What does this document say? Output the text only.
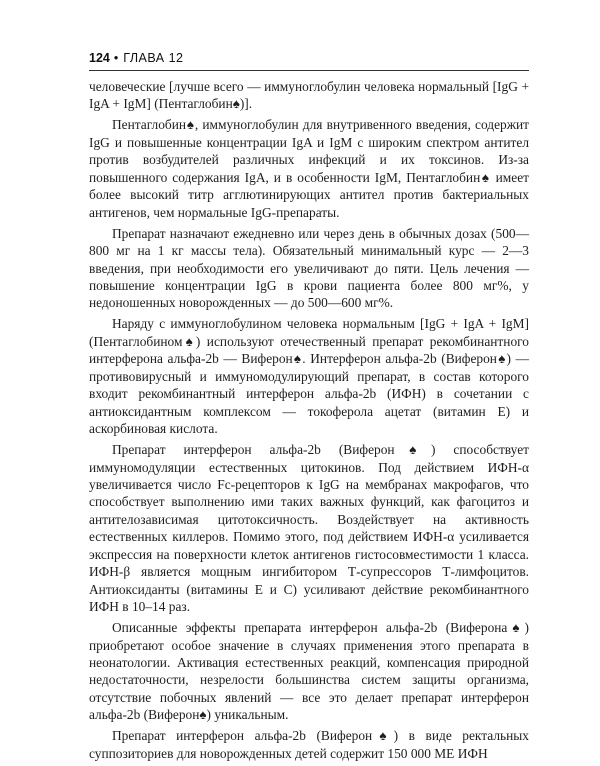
124 • ГЛАВА 12

человеческие [лучше всего — иммуноглобулин человека нормальный [IgG + IgA + IgM] (Пентаглобин♠)].

Пентаглобин♠, иммуноглобулин для внутривенного введения, содержит IgG и повышенные концентрации IgA и IgM с широким спектром антител против возбудителей различных инфекций и их токсинов. Из-за повышенного содержания IgA, и в особенности IgM, Пентаглобин♠ имеет более высокий титр агглютинирующих антител против бактериальных антигенов, чем нормальные IgG-препараты.

Препарат назначают ежедневно или через день в обычных дозах (500—800 мг на 1 кг массы тела). Обязательный минимальный курс — 2—3 введения, при необходимости его увеличивают до пяти. Цель лечения — повышение концентрации IgG в крови пациента более 800 мг%, у недоношенных новорожденных — до 500—600 мг%.

Наряду с иммуноглобулином человека нормальным [IgG + IgA + IgM] (Пентаглобином♠) используют отечественный препарат рекомбинантного интерферона альфа-2b — Виферон♠. Интерферон альфа-2b (Виферон♠) — противовирусный и иммуномодулирующий препарат, в состав которого входит рекомбинантный интерферон альфа-2b (ИФН) в сочетании с антиоксидантным комплексом — токоферола ацетат (витамин Е) и аскорбиновая кислота.

Препарат интерферон альфа-2b (Виферон♠) способствует иммуномодуляции естественных цитокинов. Под действием ИФН-α увеличивается число Fc-рецепторов к IgG на мембранах макрофагов, что способствует выполнению ими таких важных функций, как фагоцитоз и антителозависимая цитотоксичность. Воздействует на активность естественных киллеров. Помимо этого, под действием ИФН-α усиливается экспрессия на поверхности клеток антигенов гистосовместимости 1 класса. ИФН-β является мощным ингибитором Т-супрессоров Т-лимфоцитов. Антиоксиданты (витамины Е и С) усиливают действие рекомбинантного ИФН в 10–14 раз.

Описанные эффекты препарата интерферон альфа-2b (Виферона♠) приобретают особое значение в случаях применения этого препарата в неонатологии. Активация естественных реакций, компенсация природной недостаточности, незрелости большинства систем защиты организма, отсутствие побочных явлений — все это делает препарат интерферон альфа-2b (Виферон♠) уникальным.

Препарат интерферон альфа-2b (Виферон♠) в виде ректальных суппозиториев для новорожденных детей содержит 150 000 МЕ ИФН
